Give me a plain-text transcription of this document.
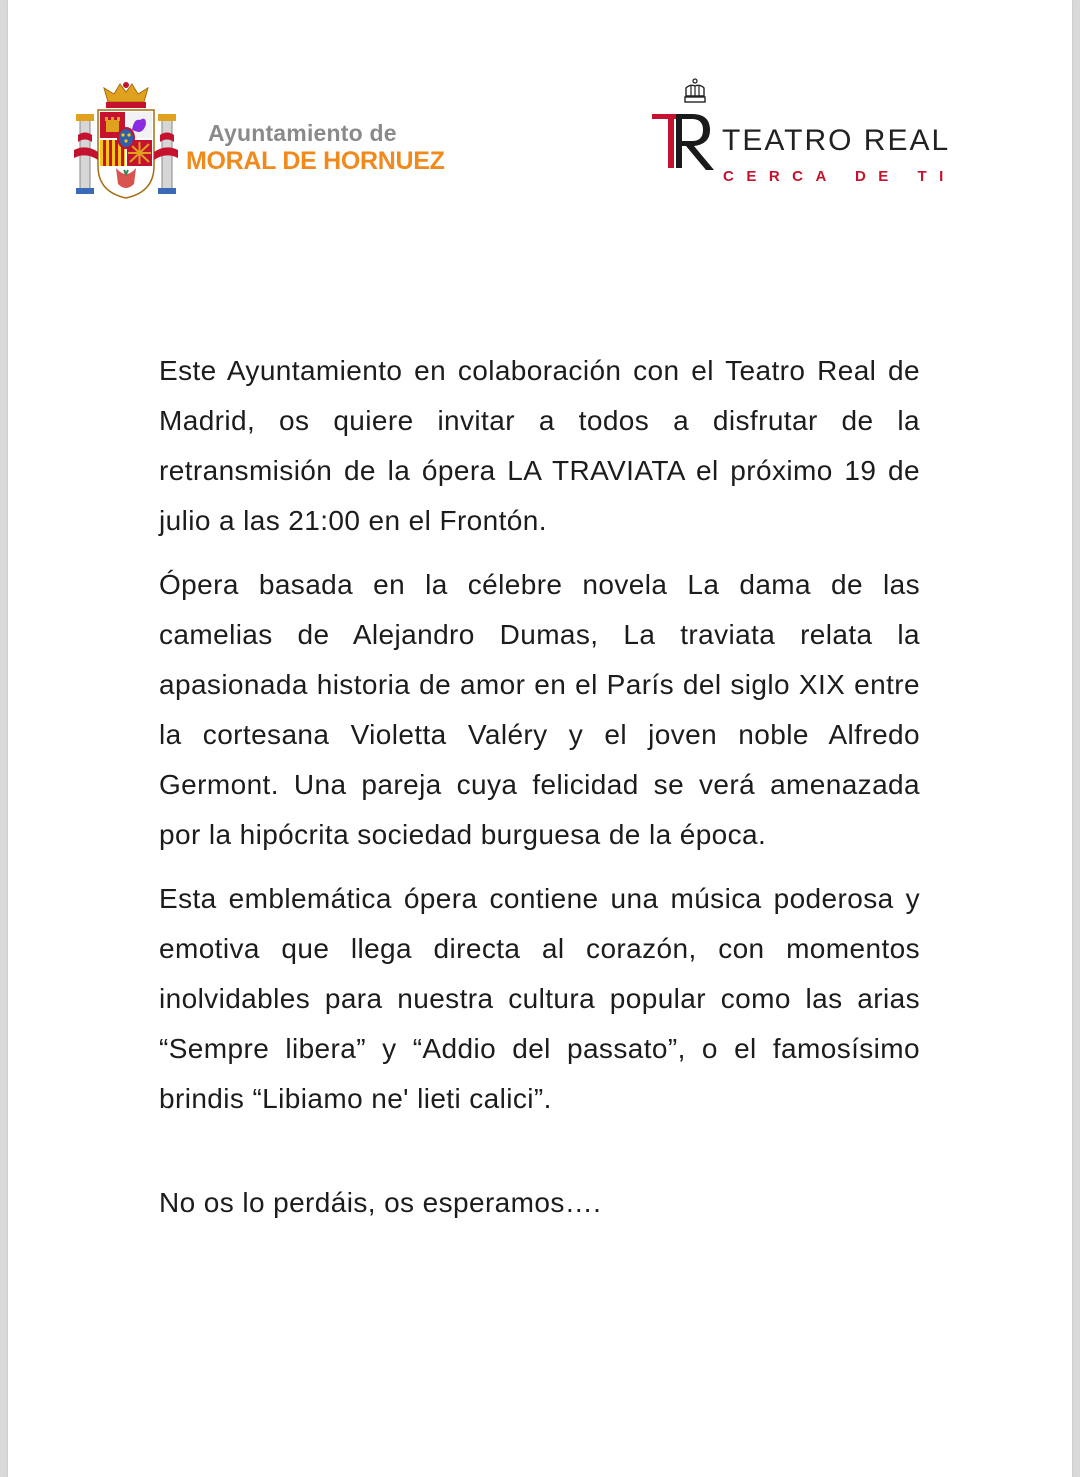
Ayuntamiento de
MORAL DE HORNUEZ
TEATRO REAL
CERCA DE TI

Este Ayuntamiento en colaboración con el Teatro Real de Madrid, os quiere invitar a todos a disfrutar de la retransmisión de la ópera LA TRAVIATA el próximo 19 de julio a las 21:00 en el Frontón.

Ópera basada en la célebre novela La dama de las camelias de Alejandro Dumas, La traviata relata la apasionada historia de amor en el París del siglo XIX entre la cortesana Violetta Valéry y el joven noble Alfredo Germont. Una pareja cuya felicidad se verá amenazada por la hipócrita sociedad burguesa de la época.

Esta emblemática ópera contiene una música poderosa y emotiva que llega directa al corazón, con momentos inolvidables para nuestra cultura popular como las arias “Sempre libera” y “Addio del passato”, o el famosísimo brindis “Libiamo ne' lieti calici”.

No os lo perdáis, os esperamos….
